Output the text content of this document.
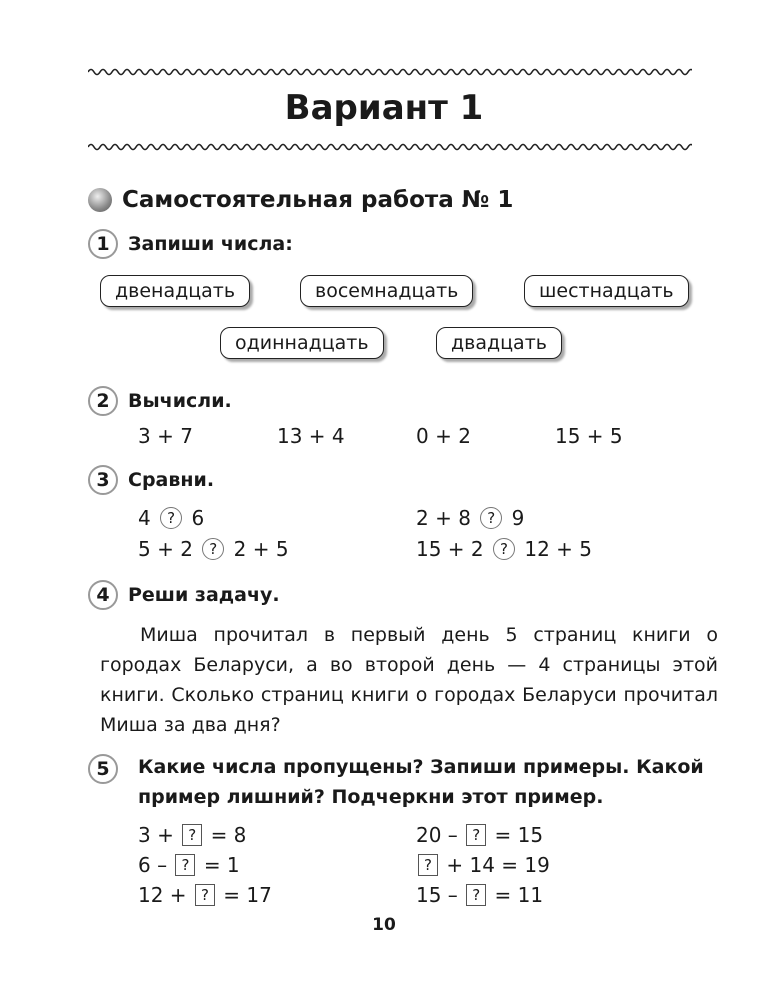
Вариант 1
Самостоятельная работа № 1
1 Запиши числа:
двенадцать	восемнадцать	шестнадцать
одиннадцать	двадцать
2 Вычисли.
3 + 7	13 + 4	0 + 2	15 + 5
3 Сравни.
4 ? 6	2 + 8 ? 9
5 + 2 ? 2 + 5	15 + 2 ? 12 + 5
4 Реши задачу.
Миша прочитал в первый день 5 страниц книги о городах Беларуси, а во второй день — 4 страницы этой книги. Сколько страниц книги о городах Беларуси прочитал Миша за два дня?
5	Какие числа пропущены? Запиши примеры. Какой пример лишний? Подчеркни этот пример.
3 + ? = 8	20 – ? = 15
6 – ? = 1	? + 14 = 19
12 + ? = 17	15 – ? = 11
10
